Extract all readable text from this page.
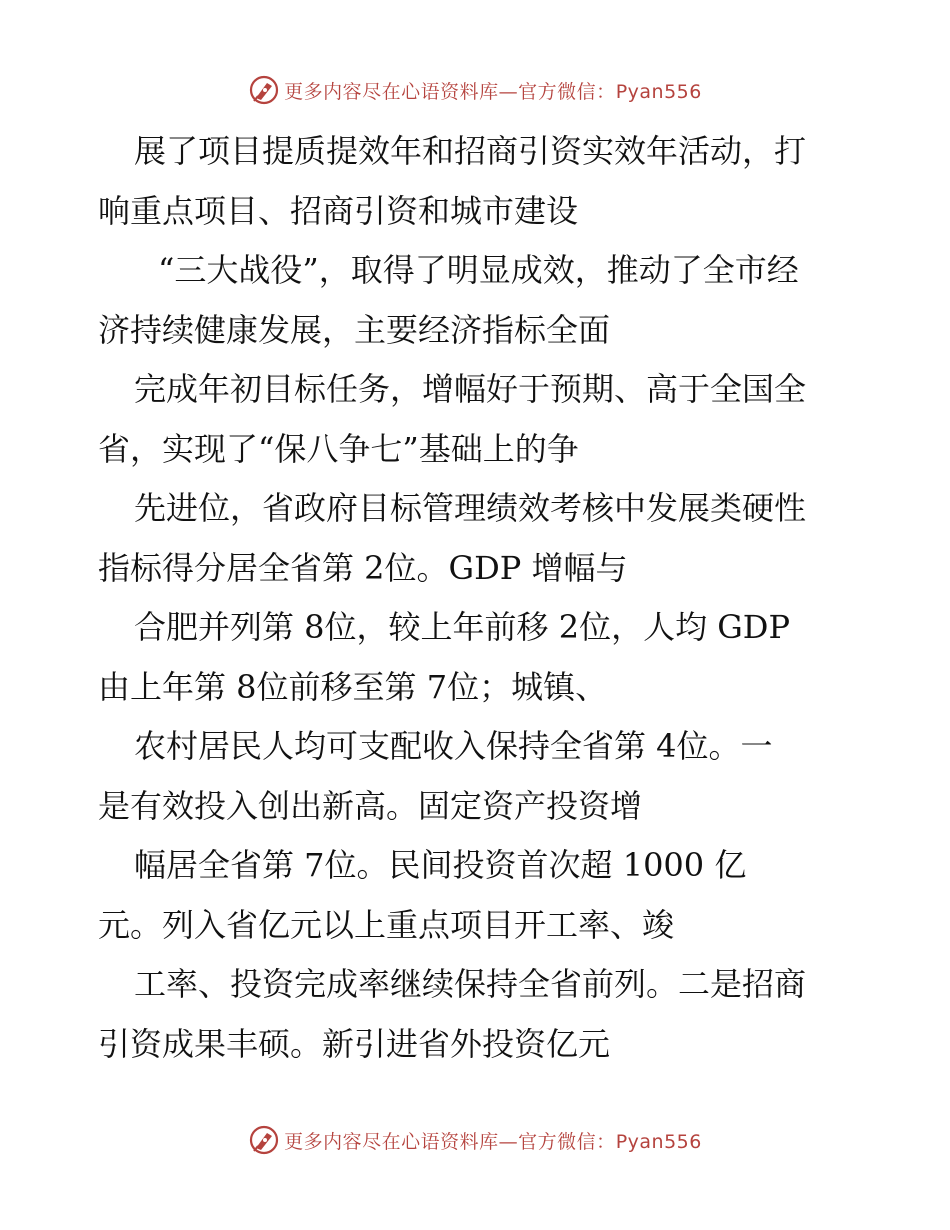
更多内容尽在心语资料库—官方微信：Pyan556
展了项目提质提效年和招商引资实效年活动，打
响重点项目、招商引资和城市建设
“三大战役”，取得了明显成效，推动了全市经
济持续健康发展，主要经济指标全面
完成年初目标任务，增幅好于预期、高于全国全
省，实现了“保八争七”基础上的争
先进位，省政府目标管理绩效考核中发展类硬性
指标得分居全省第 2位。GDP 增幅与
合肥并列第 8位，较上年前移 2位，人均 GDP
由上年第 8位前移至第 7位；城镇、
农村居民人均可支配收入保持全省第 4位。一
是有效投入创出新高。固定资产投资增
幅居全省第 7位。民间投资首次超 1000 亿
元。列入省亿元以上重点项目开工率、竣
工率、投资完成率继续保持全省前列。二是招商
引资成果丰硕。新引进省外投资亿元
更多内容尽在心语资料库—官方微信：Pyan556
